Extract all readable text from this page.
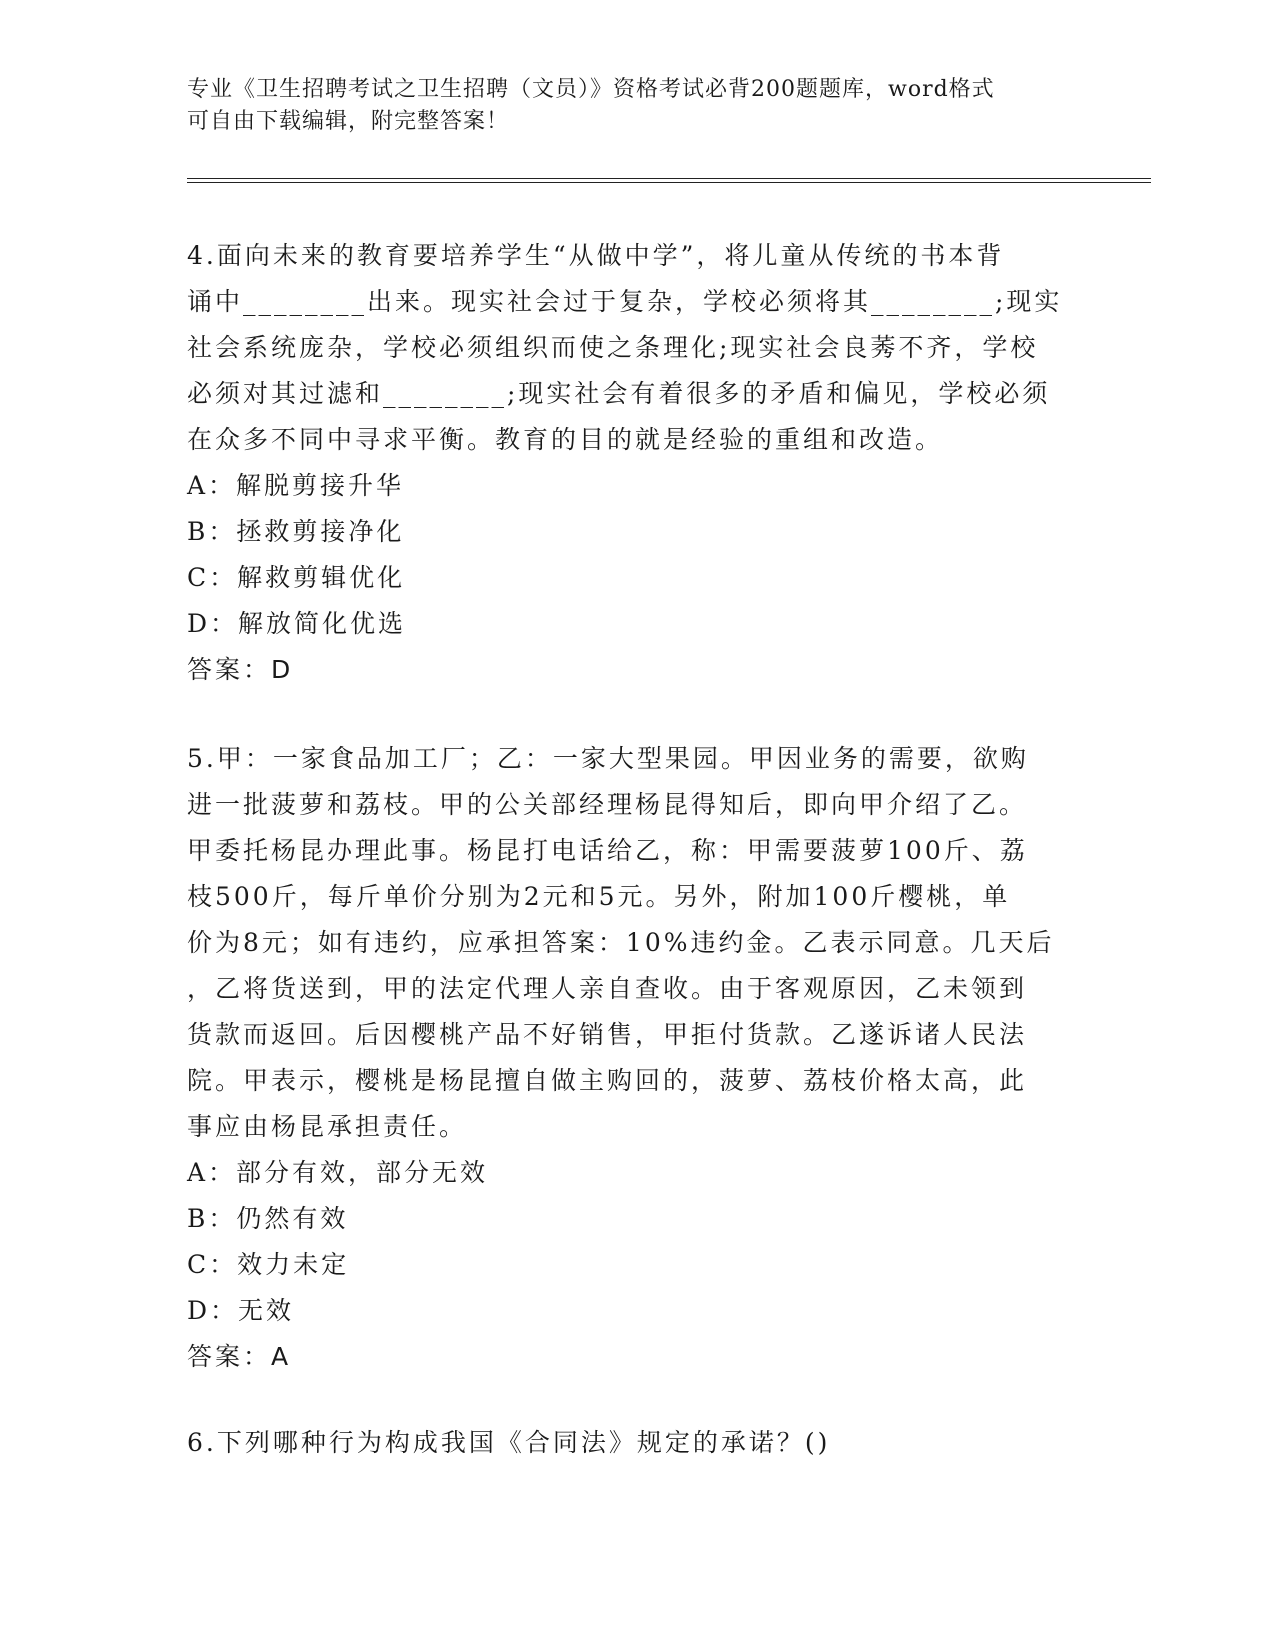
专业《卫生招聘考试之卫生招聘（文员）》资格考试必背200题题库，word格式
可自由下载编辑，附完整答案！
4.面向未来的教育要培养学生“从做中学”，将儿童从传统的书本背
诵中________出来。现实社会过于复杂，学校必须将其________;现实
社会系统庞杂，学校必须组织而使之条理化;现实社会良莠不齐，学校
必须对其过滤和________;现实社会有着很多的矛盾和偏见，学校必须
在众多不同中寻求平衡。教育的目的就是经验的重组和改造。
A：解脱剪接升华
B：拯救剪接净化
C：解救剪辑优化
D：解放简化优选
答案：D
5.甲：一家食品加工厂；乙：一家大型果园。甲因业务的需要，欲购
进一批菠萝和荔枝。甲的公关部经理杨昆得知后，即向甲介绍了乙。
甲委托杨昆办理此事。杨昆打电话给乙，称：甲需要菠萝100斤、荔
枝500斤，每斤单价分别为2元和5元。另外，附加100斤樱桃，单
价为8元；如有违约，应承担答案：10%违约金。乙表示同意。几天后
，乙将货送到，甲的法定代理人亲自查收。由于客观原因，乙未领到
货款而返回。后因樱桃产品不好销售，甲拒付货款。乙遂诉诸人民法
院。甲表示，樱桃是杨昆擅自做主购回的，菠萝、荔枝价格太高，此
事应由杨昆承担责任。
A：部分有效，部分无效
B：仍然有效
C：效力未定
D：无效
答案：A
6.下列哪种行为构成我国《合同法》规定的承诺？()
